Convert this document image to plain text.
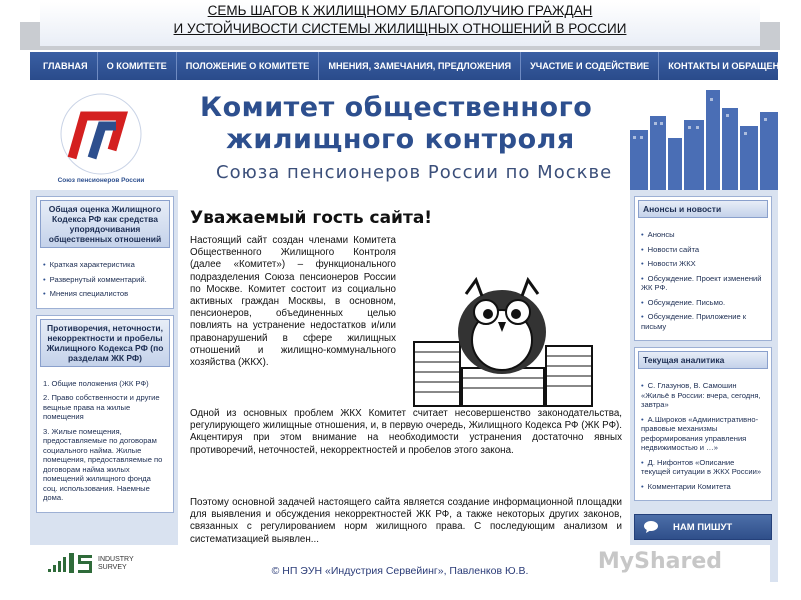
СЕМЬ ШАГОВ К ЖИЛИЩНОМУ БЛАГОПОЛУЧИЮ ГРАЖДАН
И УСТОЙЧИВОСТИ СИСТЕМЫ ЖИЛИЩНЫХ ОТНОШЕНИЙ В РОССИИ
ГЛАВНАЯ	О КОМИТЕТЕ	ПОЛОЖЕНИЕ О КОМИТЕТЕ	МНЕНИЯ, ЗАМЕЧАНИЯ, ПРЕДЛОЖЕНИЯ	УЧАСТИЕ И СОДЕЙСТВИЕ	КОНТАКТЫ И ОБРАЩЕНИЯ
Союз пенсионеров России
Комитет общественного
жилищного контроля
Союза пенсионеров России по Москве
Общая оценка Жилищного Кодекса РФ как средства упорядочивания общественных отношений
• Краткая характеристика
• Развернутый комментарий.
• Мнения специалистов
Противоречия, неточности, некорректности и пробелы Жилищного Кодекса РФ (по разделам ЖК РФ)
1. Общие положения (ЖК РФ)
2. Право собственности и другие вещные права на жилые помещения
3. Жилые помещения, предоставляемые по договорам социального найма. Жилые помещения, предоставляемые по договорам найма жилых помещений жилищного фонда соц. использования. Наемные дома.
Уважаемый гость сайта!
Настоящий сайт создан членами Комитета Общественного Жилищного Контроля (далее «Комитет») – функционального подразделения Союза пенсионеров России по Москве. Комитет состоит из социально активных граждан Москвы, в основном, пенсионеров, объединенных целью повлиять на устранение недостатков и/или правонарушений в сфере жилищных отношений и жилищно-коммунального хозяйства (ЖКХ).
Одной из основных проблем ЖКХ Комитет считает несовершенство законодательства, регулирующего жилищные отношения, и, в первую очередь, Жилищного Кодекса РФ (ЖК РФ). Акцентируя при этом внимание на необходимости устранения достаточно явных противоречий, неточностей, некорректностей и пробелов этого закона.
Поэтому основной задачей настоящего сайта является создание информационной площадки для выявления и обсуждения некорректностей ЖК РФ, а также некоторых других законов, связанных с регулированием норм жилищного права. С последующим анализом и систематизацией выявлен...
Анонсы и новости
• Анонсы
• Новости сайта
• Новости ЖКХ
• Обсуждение. Проект изменений ЖК РФ.
• Обсуждение. Письмо.
• Обсуждение. Приложение к письму
Текущая аналитика
• С. Глазунов, В. Самошин «Жильё в России: вчера, сегодня, завтра»
• А.Широков «Административно-правовые механизмы реформирования управления недвижимостью и …»
• Д. Нифонтов «Описание текущей ситуации в ЖКХ России»
• Комментарии Комитета
НАМ ПИШУТ
INDUSTRY
SURVEY	© НП ЭУН «Индустрия Сервейинг», Павленков Ю.В.	MyShared
